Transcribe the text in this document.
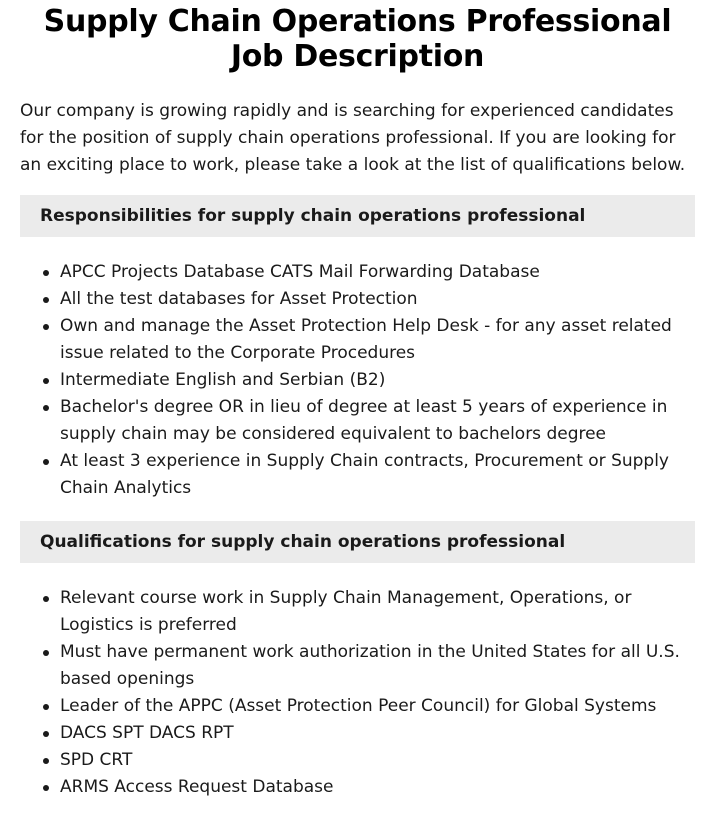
Supply Chain Operations Professional Job Description

Our company is growing rapidly and is searching for experienced candidates for the position of supply chain operations professional. If you are looking for an exciting place to work, please take a look at the list of qualifications below.

Responsibilities for supply chain operations professional
APCC Projects Database CATS Mail Forwarding Database
All the test databases for Asset Protection
Own and manage the Asset Protection Help Desk - for any asset related issue related to the Corporate Procedures
Intermediate English and Serbian (B2)
Bachelor's degree OR in lieu of degree at least 5 years of experience in supply chain may be considered equivalent to bachelors degree
At least 3 experience in Supply Chain contracts, Procurement or Supply Chain Analytics
Qualifications for supply chain operations professional
Relevant course work in Supply Chain Management, Operations, or Logistics is preferred
Must have permanent work authorization in the United States for all U.S. based openings
Leader of the APPC (Asset Protection Peer Council) for Global Systems
DACS SPT DACS RPT
SPD CRT
ARMS Access Request Database
